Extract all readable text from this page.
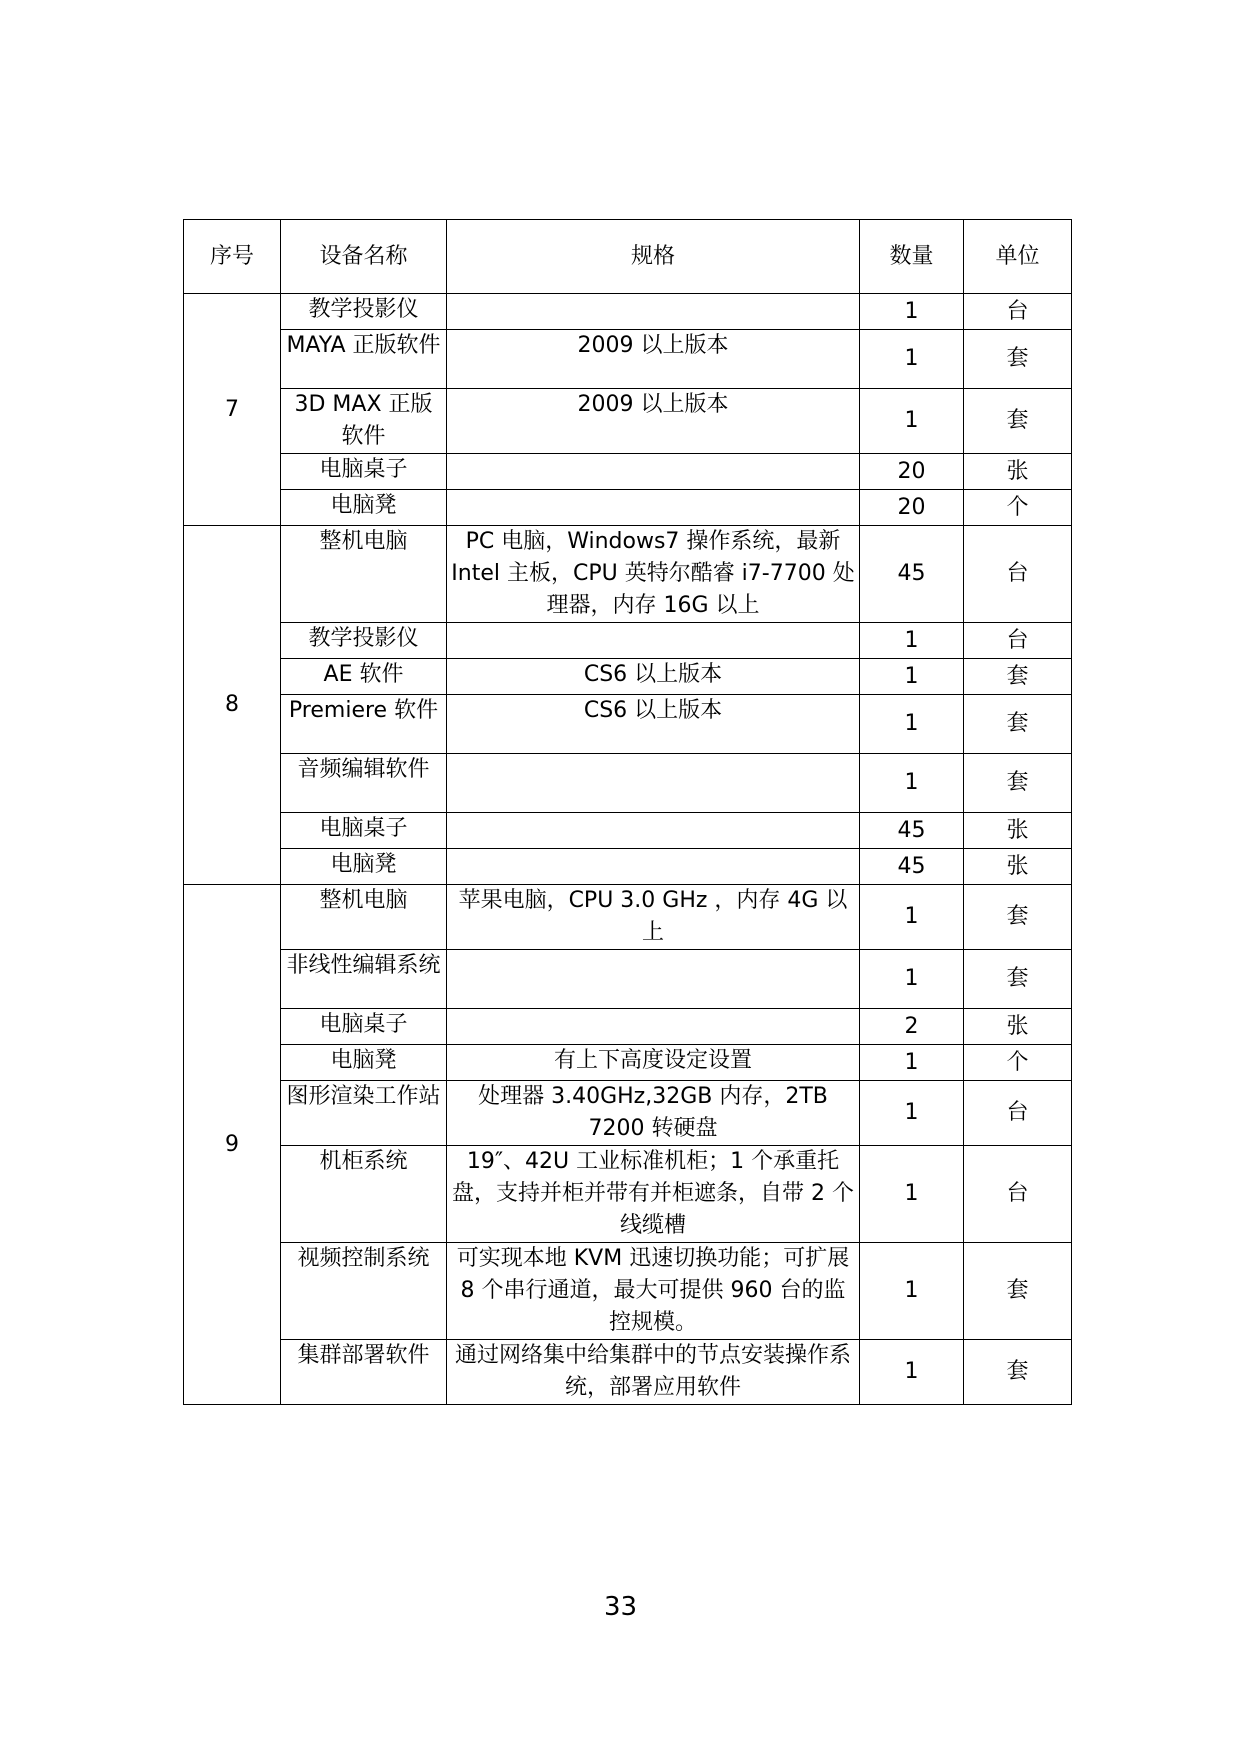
序号	设备名称	规格	数量	单位
7	教学投影仪		1	台
	MAYA 正版软件	2009 以上版本	1	套
	3D MAX 正版软件	2009 以上版本	1	套
	电脑桌子		20	张
	电脑凳		20	个
8	整机电脑	PC 电脑，Windows7 操作系统，最新 Intel 主板，CPU 英特尔酷睿 i7-7700 处理器，内存 16G 以上	45	台
	教学投影仪		1	台
	AE 软件	CS6 以上版本	1	套
	Premiere 软件	CS6 以上版本	1	套
	音频编辑软件		1	套
	电脑桌子		45	张
	电脑凳		45	张
9	整机电脑	苹果电脑，CPU 3.0 GHz ，内存 4G 以上	1	套
	非线性编辑系统		1	套
	电脑桌子		2	张
	电脑凳	有上下高度设定设置	1	个
	图形渲染工作站	处理器 3.40GHz,32GB 内存，2TB 7200 转硬盘	1	台
	机柜系统	19″、42U 工业标准机柜；1 个承重托盘，支持并柜并带有并柜遮条，自带 2 个线缆槽	1	台
	视频控制系统	可实现本地 KVM 迅速切换功能；可扩展 8 个串行通道，最大可提供 960 台的监控规模。	1	套
	集群部署软件	通过网络集中给集群中的节点安装操作系统，部署应用软件	1	套
33
